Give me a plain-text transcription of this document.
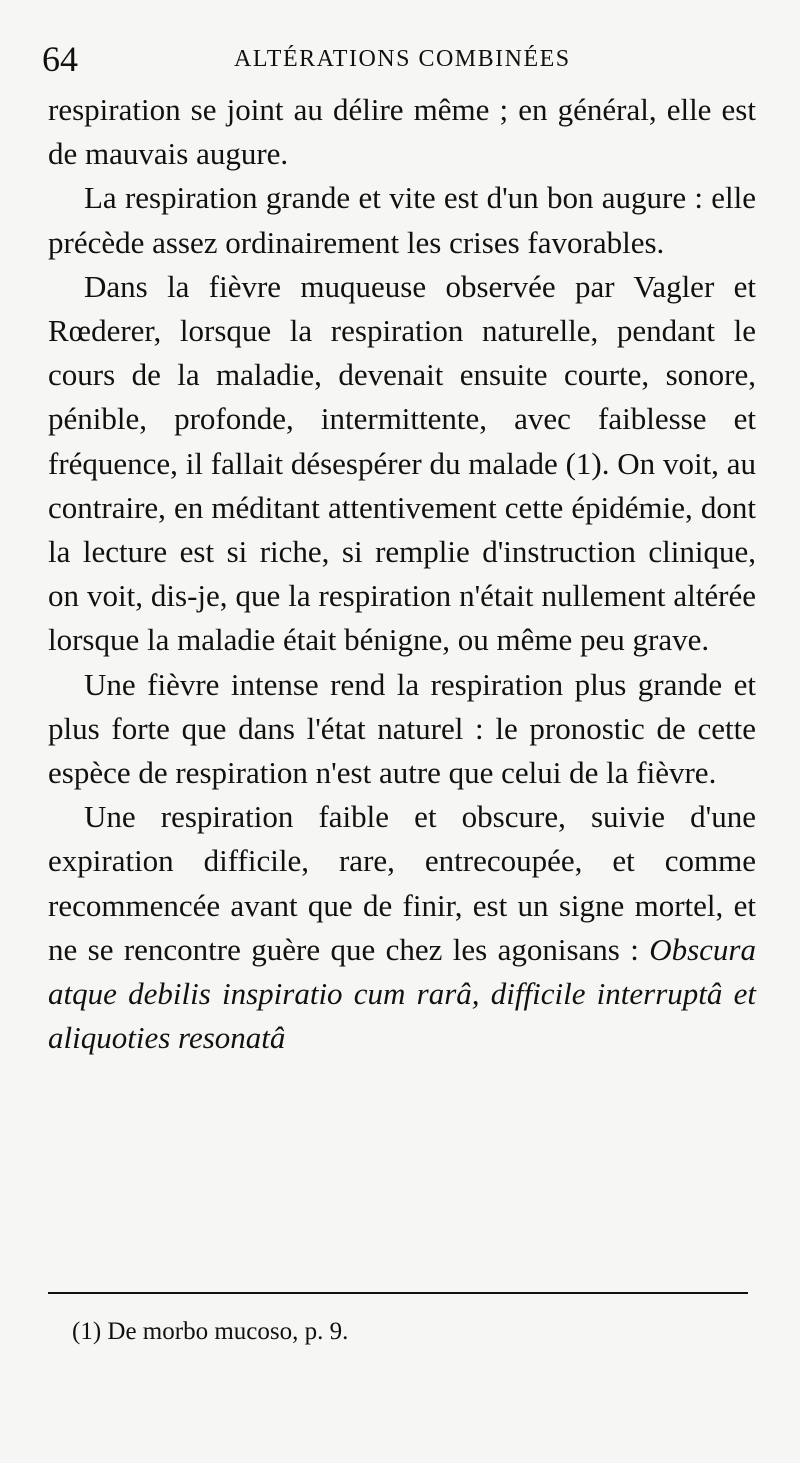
64	ALTÉRATIONS COMBINÉES

respiration se joint au délire même ; en général, elle est de mauvais augure.

La respiration grande et vite est d'un bon augure : elle précède assez ordinairement les crises favorables.

Dans la fièvre muqueuse observée par Vagler et Rœderer, lorsque la respiration naturelle, pendant le cours de la maladie, devenait ensuite courte, sonore, pénible, profonde, intermittente, avec faiblesse et fréquence, il fallait désespérer du malade (1). On voit, au contraire, en méditant attentivement cette épidémie, dont la lecture est si riche, si remplie d'instruction clinique, on voit, dis-je, que la respiration n'était nullement altérée lorsque la maladie était bénigne, ou même peu grave.

Une fièvre intense rend la respiration plus grande et plus forte que dans l'état naturel : le pronostic de cette espèce de respiration n'est autre que celui de la fièvre.

Une respiration faible et obscure, suivie d'une expiration difficile, rare, entrecoupée, et comme recommencée avant que de finir, est un signe mortel, et ne se rencontre guère que chez les agonisans : Obscura atque debilis inspiratio cum rarâ, difficile interruptâ et aliquoties resonatâ

(1) De morbo mucoso, p. 9.
